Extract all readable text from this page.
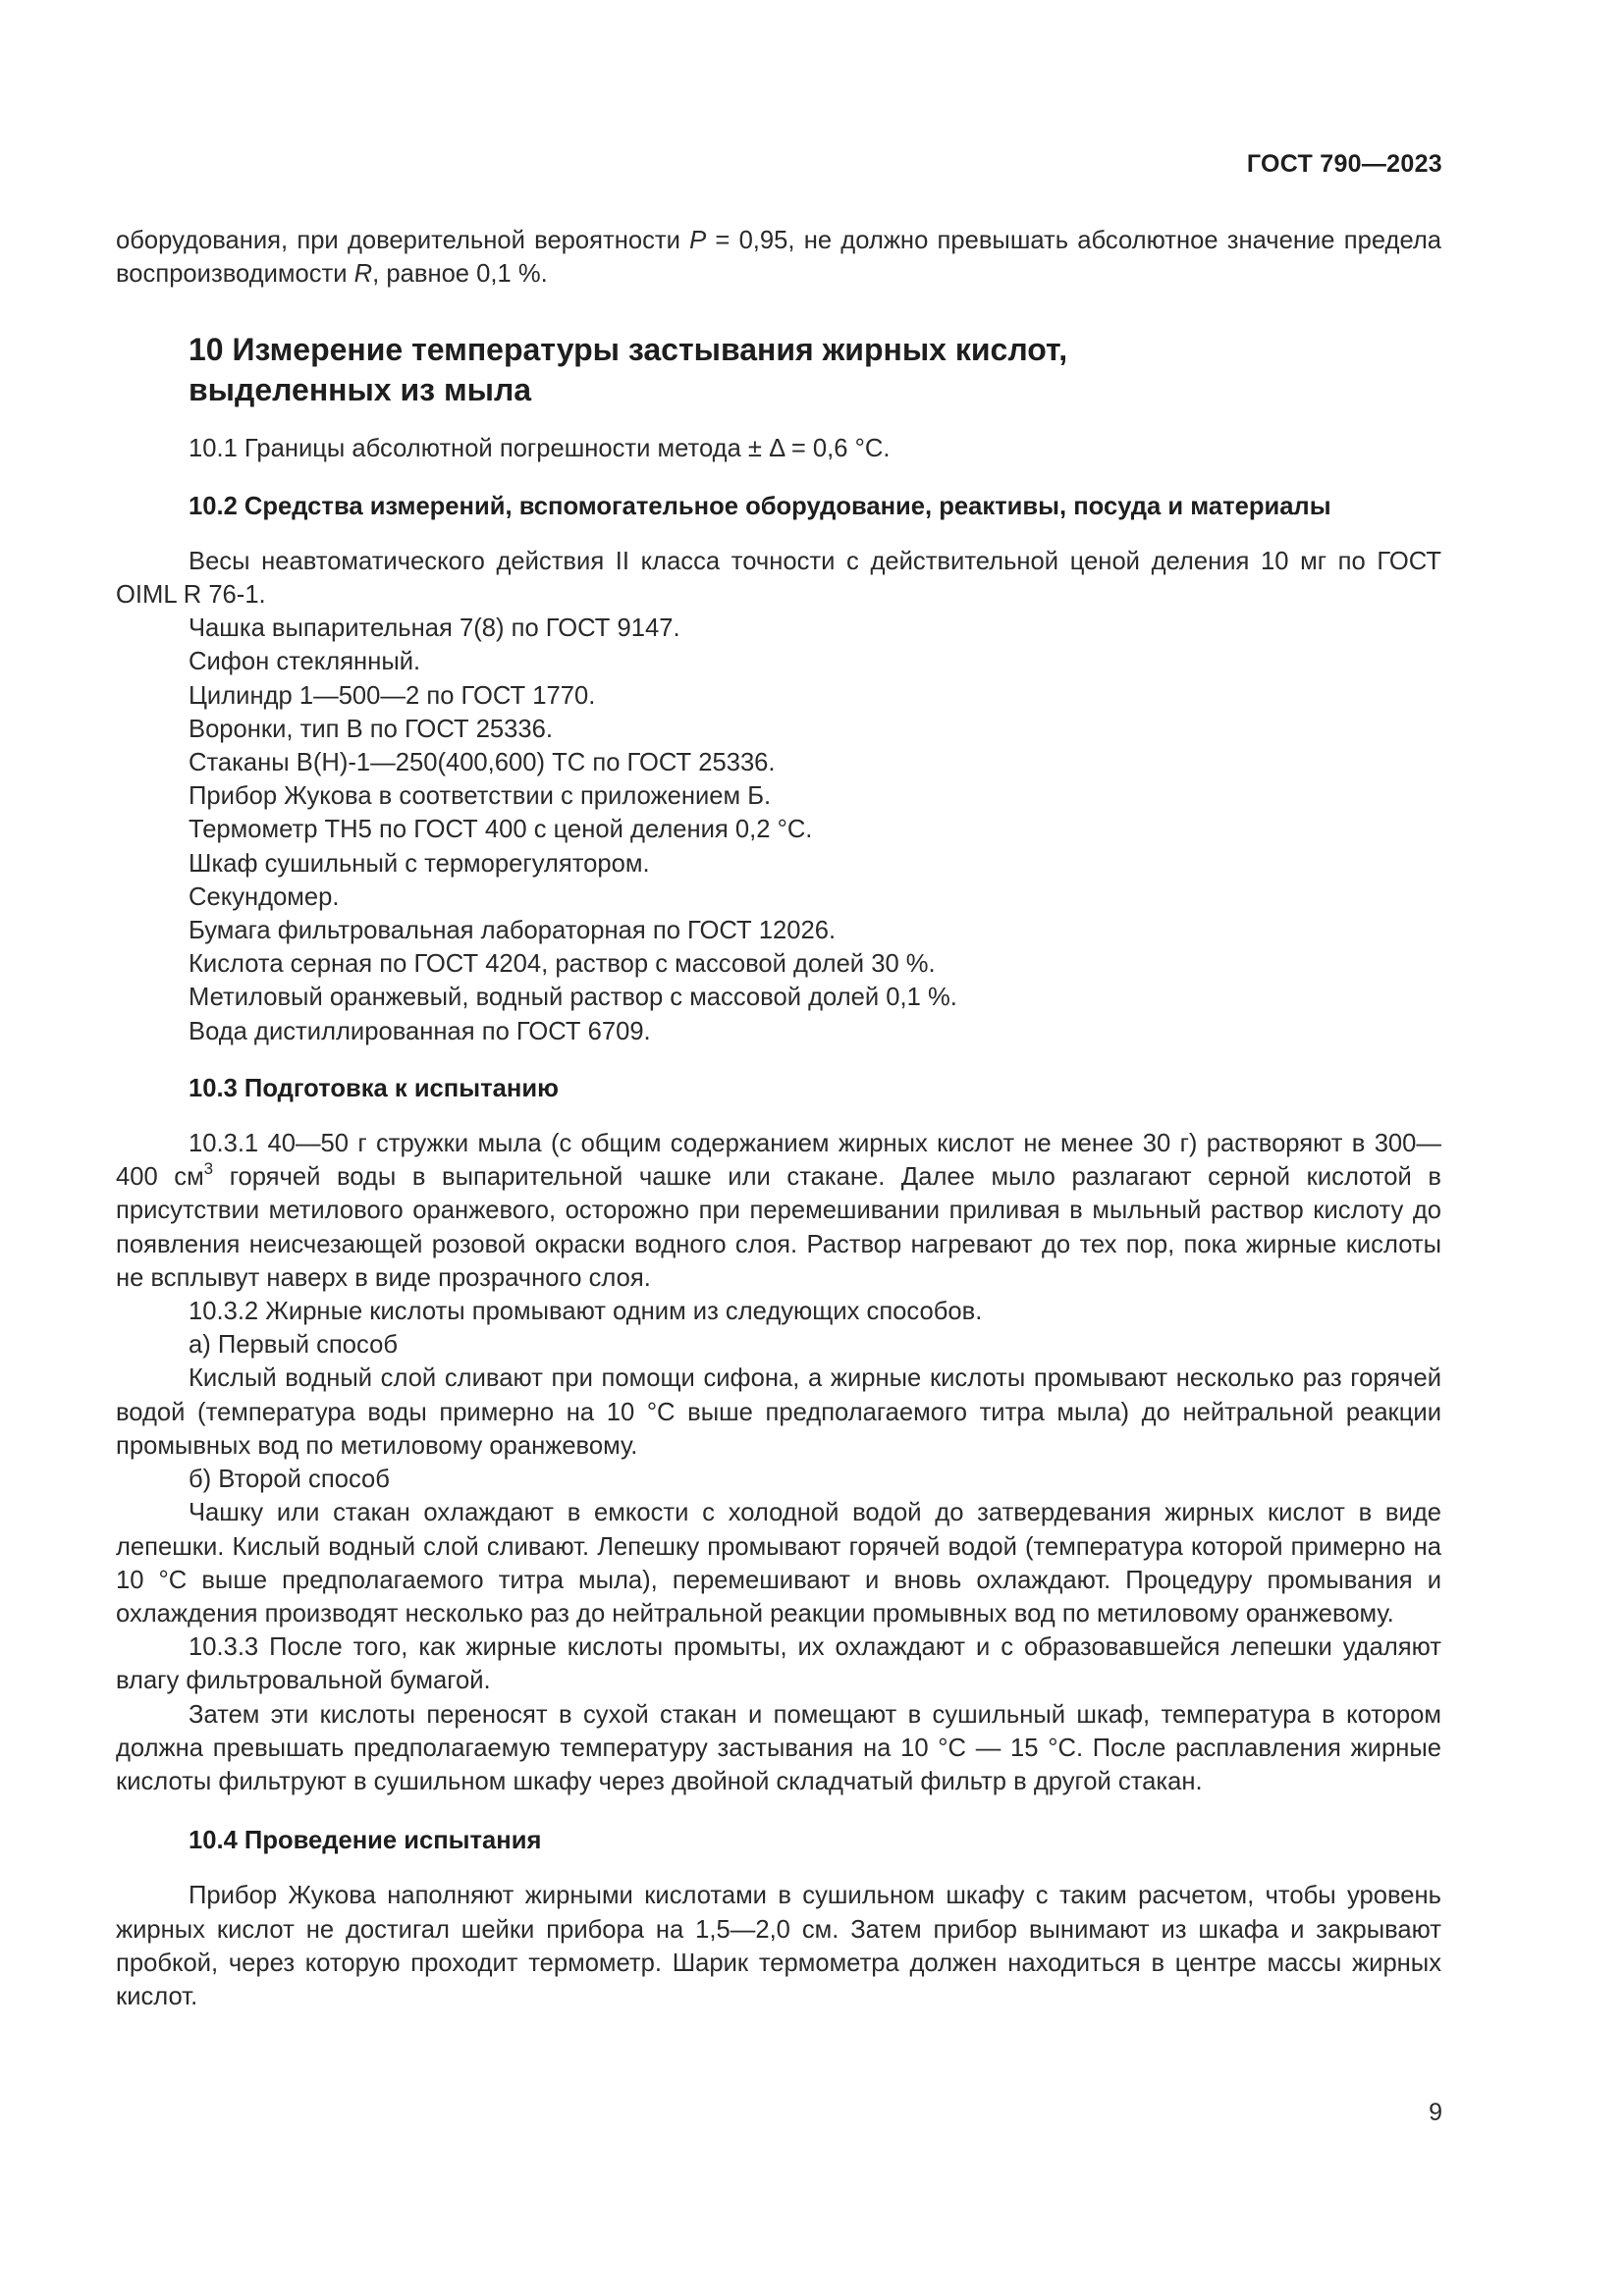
ГОСТ 790—2023

оборудования, при доверительной вероятности P = 0,95, не должно превышать абсолютное значение предела воспроизводимости R, равное 0,1 %.

10 Измерение температуры застывания жирных кислот,
выделенных из мыла

10.1 Границы абсолютной погрешности метода ± Δ = 0,6 °С.

10.2 Средства измерений, вспомогательное оборудование, реактивы, посуда и материалы

Весы неавтоматического действия II класса точности с действительной ценой деления 10 мг по ГОСТ OIML R 76-1.

Чашка выпарительная 7(8) по ГОСТ 9147.

Сифон стеклянный.

Цилиндр 1—500—2 по ГОСТ 1770.

Воронки, тип В по ГОСТ 25336.

Стаканы В(Н)-1—250(400,600) ТС по ГОСТ 25336.

Прибор Жукова в соответствии с приложением Б.

Термометр ТН5 по ГОСТ 400 с ценой деления 0,2 °С.

Шкаф сушильный с терморегулятором.

Секундомер.

Бумага фильтровальная лабораторная по ГОСТ 12026.

Кислота серная по ГОСТ 4204, раствор с массовой долей 30 %.

Метиловый оранжевый, водный раствор с массовой долей 0,1 %.

Вода дистиллированная по ГОСТ 6709.

10.3 Подготовка к испытанию

10.3.1 40—50 г стружки мыла (с общим содержанием жирных кислот не менее 30 г) растворяют в 300—400 $см^3$ горячей воды в выпарительной чашке или стакане. Далее мыло разлагают серной кислотой в присутствии метилового оранжевого, осторожно при перемешивании приливая в мыльный раствор кислоту до появления неисчезающей розовой окраски водного слоя. Раствор нагревают до тех пор, пока жирные кислоты не всплывут наверх в виде прозрачного слоя.

10.3.2 Жирные кислоты промывают одним из следующих способов.

а) Первый способ

Кислый водный слой сливают при помощи сифона, а жирные кислоты промывают несколько раз горячей водой (температура воды примерно на 10 °С выше предполагаемого титра мыла) до нейтральной реакции промывных вод по метиловому оранжевому.

б) Второй способ

Чашку или стакан охлаждают в емкости с холодной водой до затвердевания жирных кислот в виде лепешки. Кислый водный слой сливают. Лепешку промывают горячей водой (температура которой примерно на 10 °С выше предполагаемого титра мыла), перемешивают и вновь охлаждают. Процедуру промывания и охлаждения производят несколько раз до нейтральной реакции промывных вод по метиловому оранжевому.

10.3.3 После того, как жирные кислоты промыты, их охлаждают и с образовавшейся лепешки удаляют влагу фильтровальной бумагой.

Затем эти кислоты переносят в сухой стакан и помещают в сушильный шкаф, температура в котором должна превышать предполагаемую температуру застывания на 10 °С — 15 °С. После расплавления жирные кислоты фильтруют в сушильном шкафу через двойной складчатый фильтр в другой стакан.

10.4 Проведение испытания

Прибор Жукова наполняют жирными кислотами в сушильном шкафу с таким расчетом, чтобы уровень жирных кислот не достигал шейки прибора на 1,5—2,0 см. Затем прибор вынимают из шкафа и закрывают пробкой, через которую проходит термометр. Шарик термометра должен находиться в центре массы жирных кислот.

9
